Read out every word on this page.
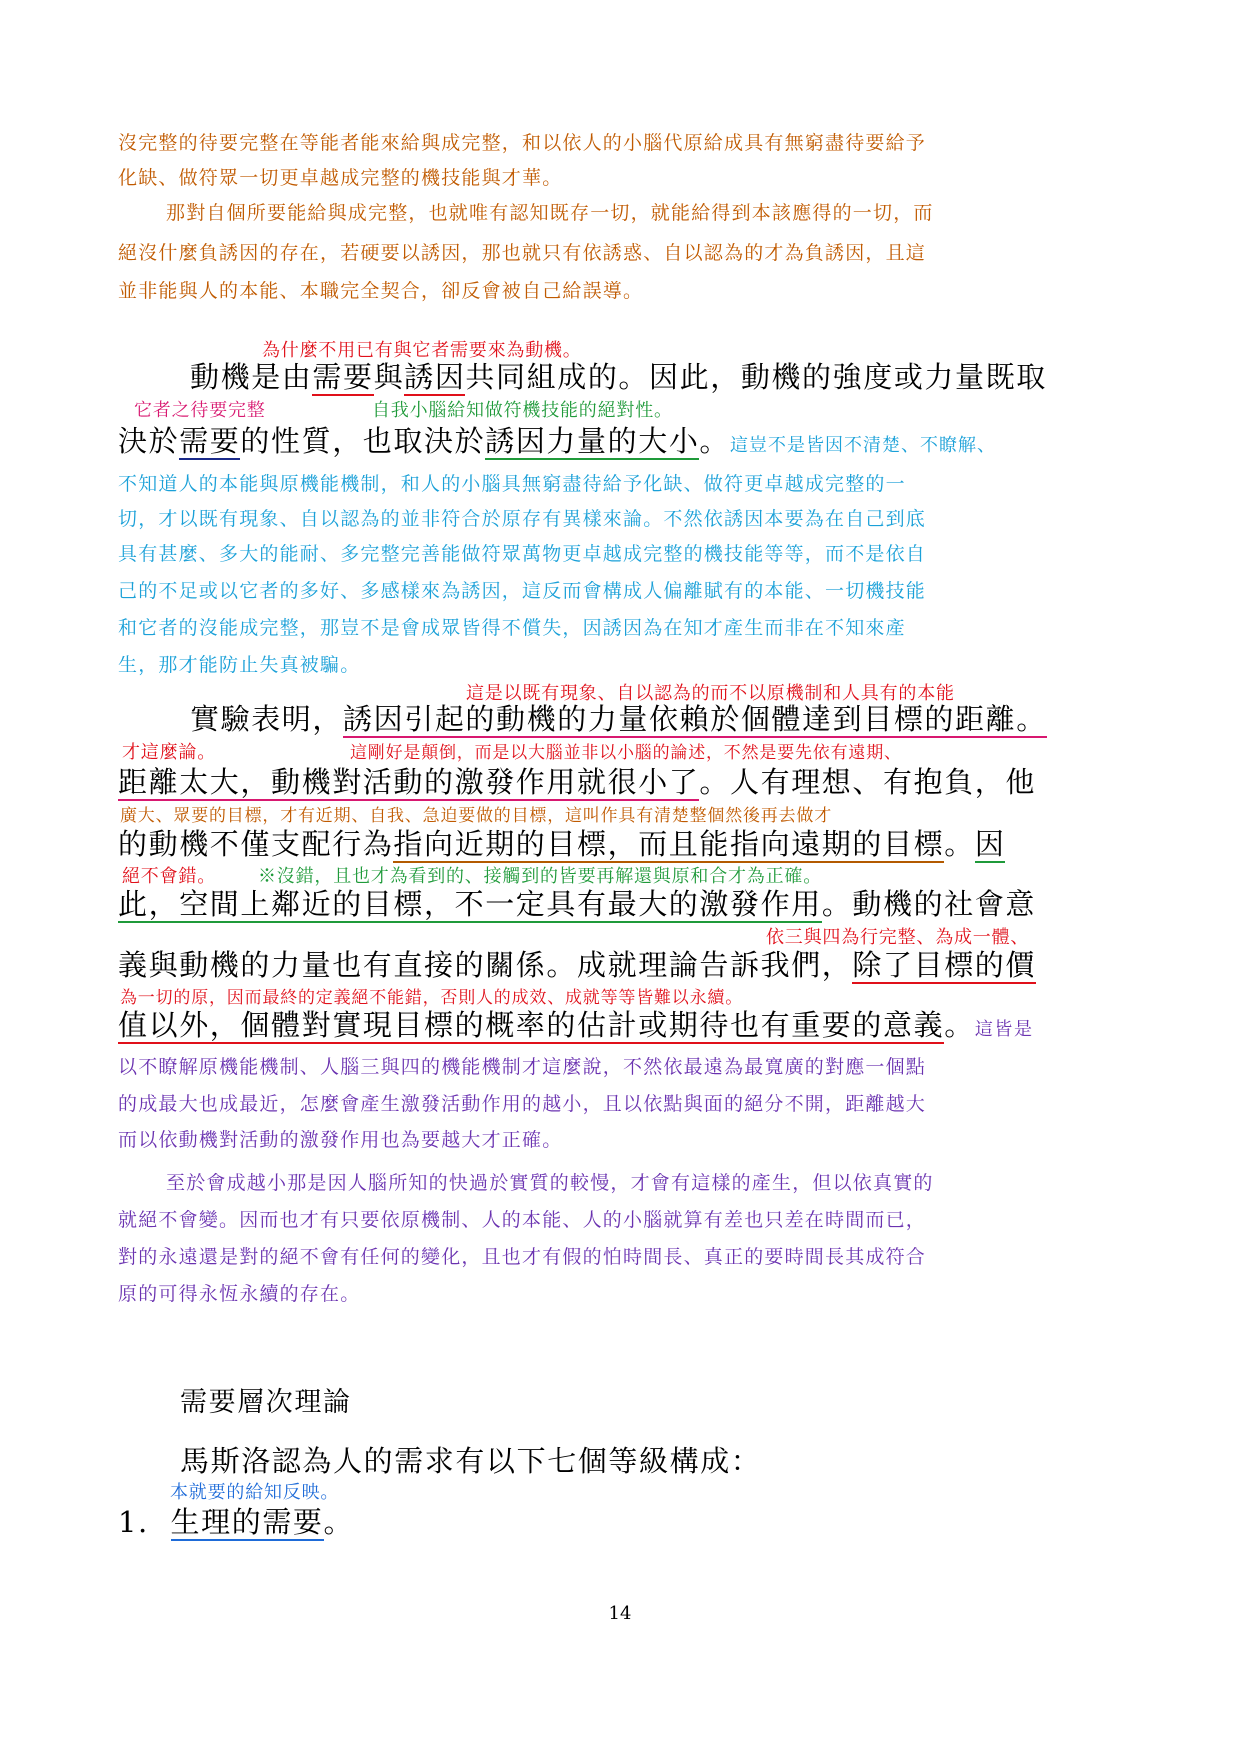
沒完整的待要完整在等能者能來給與成完整，和以依人的小腦代原給成具有無窮盡待要給予
化缺、做符眾一切更卓越成完整的機技能與才華。
那對自個所要能給與成完整，也就唯有認知既存一切，就能給得到本該應得的一切，而
絕沒什麼負誘因的存在，若硬要以誘因，那也就只有依誘惑、自以認為的才為負誘因，且這
並非能與人的本能、本職完全契合，卻反會被自己給誤導。
為什麼不用已有與它者需要來為動機。
動機是由需要與誘因共同組成的。因此，動機的強度或力量既取
它者之待要完整	自我小腦給知做符機技能的絕對性。
決於需要的性質，也取決於誘因力量的大小。這豈不是皆因不清楚、不瞭解、
不知道人的本能與原機能機制，和人的小腦具無窮盡待給予化缺、做符更卓越成完整的一
切，才以既有現象、自以認為的並非符合於原存有異樣來論。不然依誘因本要為在自己到底
具有甚麼、多大的能耐、多完整完善能做符眾萬物更卓越成完整的機技能等等，而不是依自
己的不足或以它者的多好、多感樣來為誘因，這反而會構成人偏離賦有的本能、一切機技能
和它者的沒能成完整，那豈不是會成眾皆得不償失，因誘因為在知才產生而非在不知來產
生，那才能防止失真被騙。
這是以既有現象、自以認為的而不以原機制和人具有的本能
實驗表明，誘因引起的動機的力量依賴於個體達到目標的距離。
才這麼論。	這剛好是顛倒，而是以大腦並非以小腦的論述，不然是要先依有遠期、
距離太大，動機對活動的激發作用就很小了。人有理想、有抱負，他
廣大、眾要的目標，才有近期、自我、急迫要做的目標，這叫作具有清楚整個然後再去做才
的動機不僅支配行為指向近期的目標，而且能指向遠期的目標。因
絕不會錯。 ※沒錯，且也才為看到的、接觸到的皆要再解還與原和合才為正確。
此，空間上鄰近的目標，不一定具有最大的激發作用。動機的社會意
依三與四為行完整、為成一體、
義與動機的力量也有直接的關係。成就理論告訴我們，除了目標的價
為一切的原，因而最終的定義絕不能錯，否則人的成效、成就等等皆難以永續。
值以外，個體對實現目標的概率的估計或期待也有重要的意義。這皆是
以不瞭解原機能機制、人腦三與四的機能機制才這麼說，不然依最遠為最寬廣的對應一個點
的成最大也成最近，怎麼會產生激發活動作用的越小，且以依點與面的絕分不開，距離越大
而以依動機對活動的激發作用也為要越大才正確。
至於會成越小那是因人腦所知的快過於實質的較慢，才會有這樣的產生，但以依真實的
就絕不會變。因而也才有只要依原機制、人的本能、人的小腦就算有差也只差在時間而已，
對的永遠還是對的絕不會有任何的變化，且也才有假的怕時間長、真正的要時間長其成符合
原的可得永恆永續的存在。
需要層次理論
馬斯洛認為人的需求有以下七個等級構成：
本就要的給知反映。
1. 生理的需要。
14
